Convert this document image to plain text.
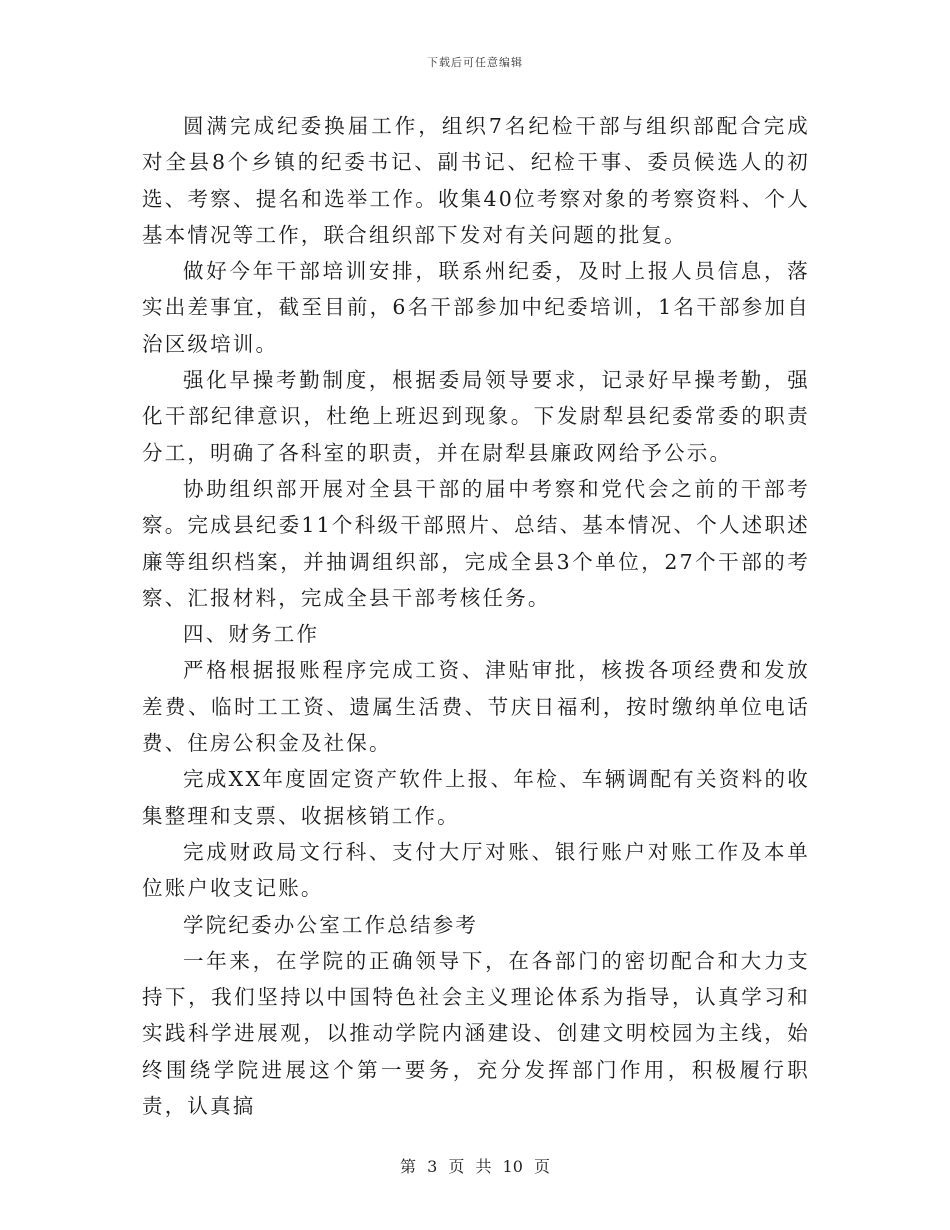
下载后可任意编辑

圆满完成纪委换届工作，组织7名纪检干部与组织部配合完成对全县8个乡镇的纪委书记、副书记、纪检干事、委员候选人的初选、考察、提名和选举工作。收集40位考察对象的考察资料、个人基本情况等工作，联合组织部下发对有关问题的批复。

做好今年干部培训安排，联系州纪委，及时上报人员信息，落实出差事宜，截至目前，6名干部参加中纪委培训，1名干部参加自治区级培训。

强化早操考勤制度，根据委局领导要求，记录好早操考勤，强化干部纪律意识，杜绝上班迟到现象。下发尉犁县纪委常委的职责分工，明确了各科室的职责，并在尉犁县廉政网给予公示。

协助组织部开展对全县干部的届中考察和党代会之前的干部考察。完成县纪委11个科级干部照片、总结、基本情况、个人述职述廉等组织档案，并抽调组织部，完成全县3个单位，27个干部的考察、汇报材料，完成全县干部考核任务。

四、财务工作

严格根据报账程序完成工资、津贴审批，核拨各项经费和发放差费、临时工工资、遗属生活费、节庆日福利，按时缴纳单位电话费、住房公积金及社保。

完成XX年度固定资产软件上报、年检、车辆调配有关资料的收集整理和支票、收据核销工作。

完成财政局文行科、支付大厅对账、银行账户对账工作及本单位账户收支记账。

学院纪委办公室工作总结参考

一年来，在学院的正确领导下，在各部门的密切配合和大力支持下，我们坚持以中国特色社会主义理论体系为指导，认真学习和实践科学进展观，以推动学院内涵建设、创建文明校园为主线，始终围绕学院进展这个第一要务，充分发挥部门作用，积极履行职责，认真搞

第 3 页 共 10 页
